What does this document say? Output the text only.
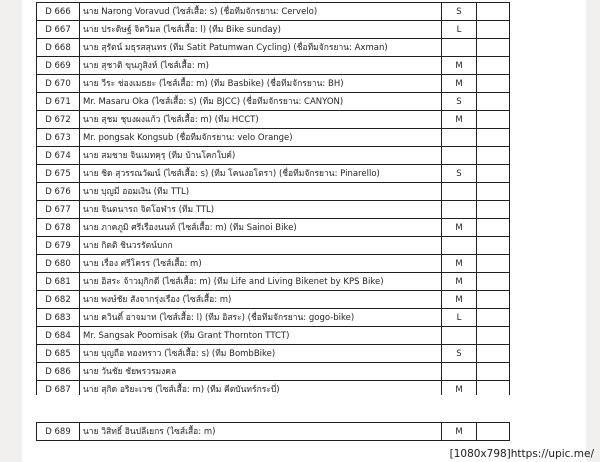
D 666	นาย Narong Voravud (ไซส์เสื้อ: s) (ชื่อทีมจักรยาน: Cervelo)	S	
D 667	นาย ประดิษฐ์ จิตวิมล (ไซส์เสื้อ: l) (ทีม Bike sunday)	L	
D 668	นาย สุรัตน์ มธุรสสุนทร (ทีม Satit Patumwan Cycling) (ชื่อทีมจักรยาน: Axman)		
D 669	นาย สุชาติ ขุนภูสิงห์ (ไซส์เสื้อ: m)	M	
D 670	นาย วีระ ช่องเมธยะ (ไซส์เสื้อ: m) (ทีม Basbike) (ชื่อทีมจักรยาน: BH)	M	
D 671	Mr. Masaru Oka (ไซส์เสื้อ: s) (ทีม BJCC) (ชื่อทีมจักรยาน: CANYON)	S	
D 672	นาย สุชม ชุบงผงแก้ว (ไซส์เสื้อ: m) (ทีม HCCT)	M	
D 673	Mr. pongsak Kongsub (ชื่อทีมจักรยาน: velo Orange)		
D 674	นาย สมชาย จินเมทคุรุ (ทีม บ้านโคกใบค์)		
D 675	นาย ชิด สุวรรณวัฒน์ (ไซส์เสื้อ: s) (ทีม โคนงอโตรา) (ชื่อทีมจักรยาน: Pinarello)	S	
D 676	นาย บุญมี ออมเงิน (ทีม TTL)		
D 677	นาย จินตนารถ จิตโอฬาร (ทีม TTL)		
D 678	นาย ภาคภูมิ ศรีเรืองนนท์ (ไซส์เสื้อ: m) (ทีม Sainoi Bike)	M	
D 679	นาย กิตติ ชินวรรัตน์บกก		
D 680	นาย เรื่อง ศรีโครร (ไซส์เสื้อ: m)	M	
D 681	นาย อิสระ จ้าวมุกิกดี (ไซส์เสื้อ: m) (ทีม Life and Living Bikenet by KPS Bike)	M	
D 682	นาย พงษ์ชัย สังจากรุ่งเรือง (ไซส์เสื้อ: m)	M	
D 683	นาย ควินติ์ อาจมาท (ไซส์เสื้อ: l) (ทีม อิสระ) (ชื่อทีมจักรยาน: gogo-bike)	L	
D 684	Mr. Sangsak Poomisak (ทีม Grant Thornton TTCT)		
D 685	นาย บุญถือ ทองทราว (ไซส์เสื้อ: s) (ทีม BombBike)	S	
D 686	นาย วันชัย ชัยพรวรมงคล		
D 687	นาย สุกิด อริยะเวช (ไซส์เสื้อ: m) (ทีม คีตบันทร์กระบี่)	M	

D 689	นาย วิสิทธิ์ อินปลีเยกร (ไซส์เสื้อ: m)	M	
[1080x798]https://upic.me/
